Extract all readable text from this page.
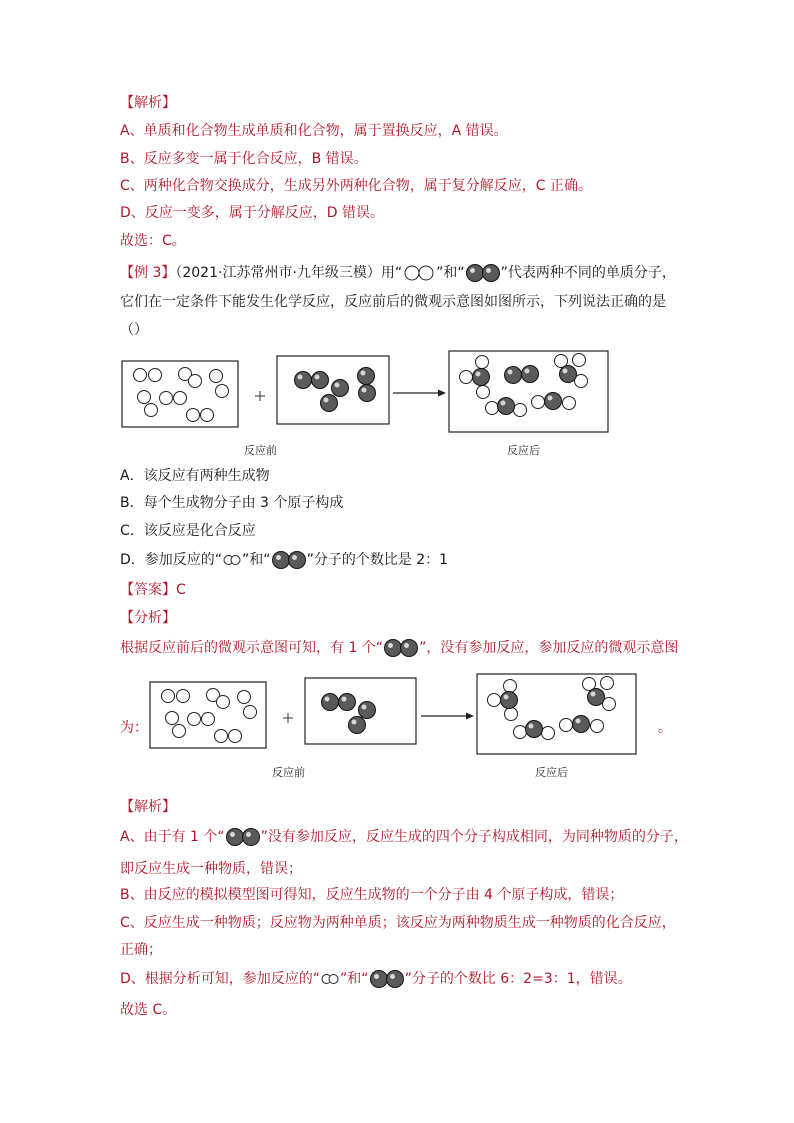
【解析】
A、单质和化合物生成单质和化合物，属于置换反应，A 错误。
B、反应多变一属于化合反应，B 错误。
C、两种化合物交换成分，生成另外两种化合物，属于复分解反应，C 正确。
D、反应一变多，属于分解反应，D 错误。
故选：C。
【例 3】（2021·江苏常州市·九年级三模）用“ ”和“	”代表两种不同的单质分子，
它们在一定条件下能发生化学反应，反应前后的微观示意图如图所示，下列说法正确的是
（）
反应前	反应后
A．该反应有两种生成物
B．每个生成物分子由 3 个原子构成
C．该反应是化合反应
D．参加反应的“ ”和“	”分子的个数比是 2：1
【答案】C
【分析】
根据反应前后的微观示意图可知，有 1 个“	”，没有参加反应，参加反应的微观示意图
为：	。
反应前	反应后
【解析】
A、由于有 1 个“	”没有参加反应，反应生成的四个分子构成相同，为同种物质的分子，
即反应生成一种物质，错误；
B、由反应的模拟模型图可得知，反应生成物的一个分子由 4 个原子构成，错误；
C、反应生成一种物质；反应物为两种单质；该反应为两种物质生成一种物质的化合反应，
正确；
D、根据分析可知，参加反应的“ ”和“	”分子的个数比 6：2=3：1，错误。
故选 C。
